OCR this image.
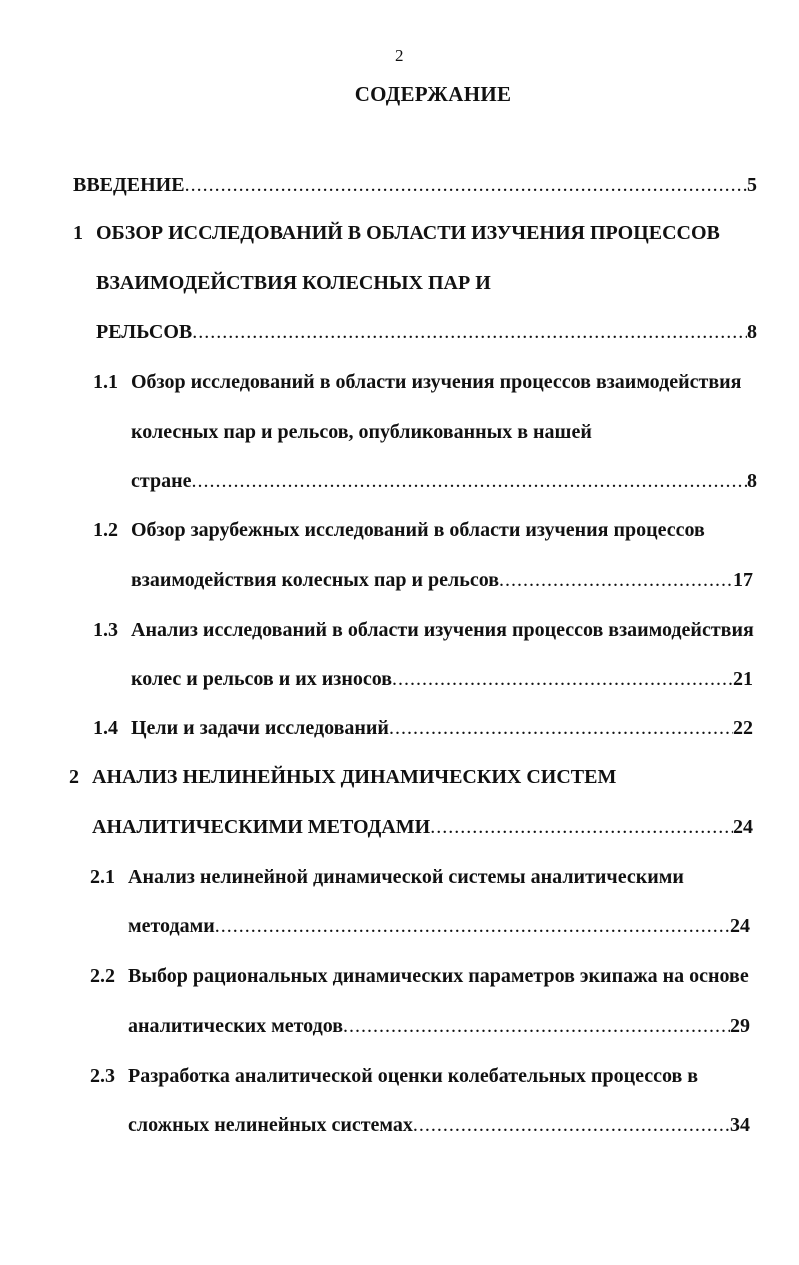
2
СОДЕРЖАНИЕ
ВВЕДЕНИЕ .....	5
1 ОБЗОР ИССЛЕДОВАНИЙ В ОБЛАСТИ ИЗУЧЕНИЯ ПРОЦЕССОВ
ВЗАИМОДЕЙСТВИЯ КОЛЕСНЫХ ПАР И
РЕЛЬСОВ .....	8
1.1 Обзор исследований в области изучения процессов взаимодействия
колесных пар и рельсов, опубликованных в нашей
стране .....	8
1.2 Обзор зарубежных исследований в области изучения процессов
взаимодействия колесных пар и рельсов .....	17
1.3 Анализ исследований в области изучения процессов взаимодействия
колес и рельсов и их износов .....	21
1.4 Цели и задачи исследований .....	22
2 АНАЛИЗ НЕЛИНЕЙНЫХ ДИНАМИЧЕСКИХ СИСТЕМ
АНАЛИТИЧЕСКИМИ МЕТОДАМИ .....	24
2.1 Анализ нелинейной динамической системы аналитическими
методами .....	24
2.2 Выбор рациональных динамических параметров экипажа на основе
аналитических методов .....	29
2.3 Разработка аналитической оценки колебательных процессов в
сложных нелинейных системах .....	34
